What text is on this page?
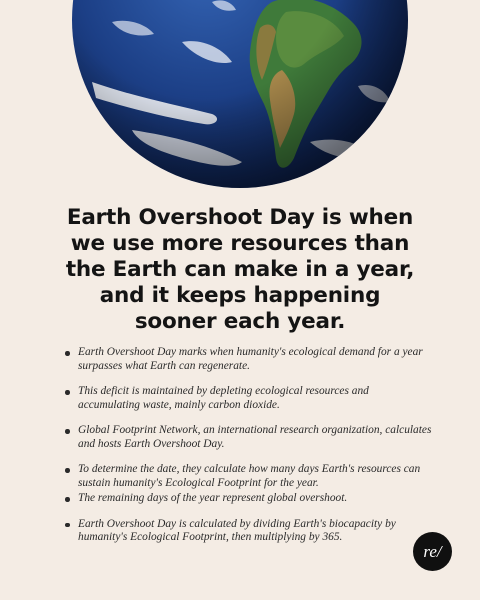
Earth Overshoot Day is when
we use more resources than
the Earth can make in a year,
and it keeps happening
sooner each year.
Earth Overshoot Day marks when humanity's ecological demand for a year surpasses what Earth can regenerate.
This deficit is maintained by depleting ecological resources and accumulating waste, mainly carbon dioxide.
Global Footprint Network, an international research organization, calculates and hosts Earth Overshoot Day.
To determine the date, they calculate how many days Earth's resources can sustain humanity's Ecological Footprint for the year.
The remaining days of the year represent global overshoot.
Earth Overshoot Day is calculated by dividing Earth's biocapacity by humanity's Ecological Footprint, then multiplying by 365.
re/
